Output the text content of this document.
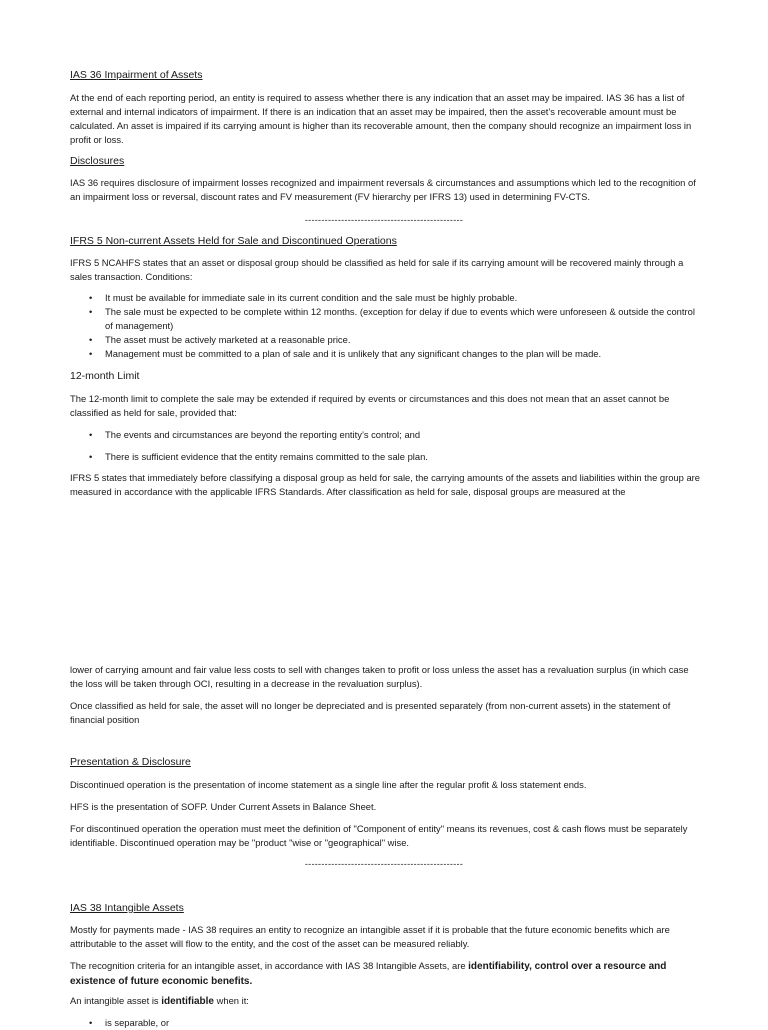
IAS 36 Impairment of Assets
At the end of each reporting period, an entity is required to assess whether there is any indication that an asset may be impaired. IAS 36 has a list of external and internal indicators of impairment. If there is an indication that an asset may be impaired, then the asset’s recoverable amount must be calculated. An asset is impaired if its carrying amount is higher than its recoverable amount, then the company should recognize an impairment loss in profit or loss.
Disclosures
IAS 36 requires disclosure of impairment losses recognized and impairment reversals & circumstances and assumptions which led to the recognition of an impairment loss or reversal, discount rates and FV measurement (FV hierarchy per IFRS 13) used in determining FV-CTS.
------------------------------------------------
IFRS 5 Non-current Assets Held for Sale and Discontinued Operations
IFRS 5 NCAHFS states that an asset or disposal group should be classified as held for sale if its carrying amount will be recovered mainly through a sales transaction. Conditions:
• It must be available for immediate sale in its current condition and the sale must be highly probable.
• The sale must be expected to be complete within 12 months. (exception for delay if due to events which were unforeseen & outside the control of management)
• The asset must be actively marketed at a reasonable price.
• Management must be committed to a plan of sale and it is unlikely that any significant changes to the plan will be made.
12-month Limit
The 12-month limit to complete the sale may be extended if required by events or circumstances and this does not mean that an asset cannot be classified as held for sale, provided that:
• The events and circumstances are beyond the reporting entity’s control; and
• There is sufficient evidence that the entity remains committed to the sale plan.
IFRS 5 states that immediately before classifying a disposal group as held for sale, the carrying amounts of the assets and liabilities within the group are measured in accordance with the applicable IFRS Standards. After classification as held for sale, disposal groups are measured at the
lower of carrying amount and fair value less costs to sell with changes taken to profit or loss unless the asset has a revaluation surplus (in which case the loss will be taken through OCI, resulting in a decrease in the revaluation surplus).
Once classified as held for sale, the asset will no longer be depreciated and is presented separately (from non-current assets) in the statement of financial position
Presentation & Disclosure
Discontinued operation is the presentation of income statement as a single line after the regular profit & loss statement ends.
HFS is the presentation of SOFP. Under Current Assets in Balance Sheet.
For discontinued operation the operation must meet the definition of "Component of entity" means its revenues, cost & cash flows must be separately identifiable. Discontinued operation may be "product "wise or "geographical" wise.
------------------------------------------------
IAS 38 Intangible Assets
Mostly for payments made - IAS 38 requires an entity to recognize an intangible asset if it is probable that the future economic benefits which are attributable to the asset will flow to the entity, and the cost of the asset can be measured reliably.
The recognition criteria for an intangible asset, in accordance with IAS 38 Intangible Assets, are identifiability, control over a resource and existence of future economic benefits.
An intangible asset is identifiable when it:
• is separable, or
